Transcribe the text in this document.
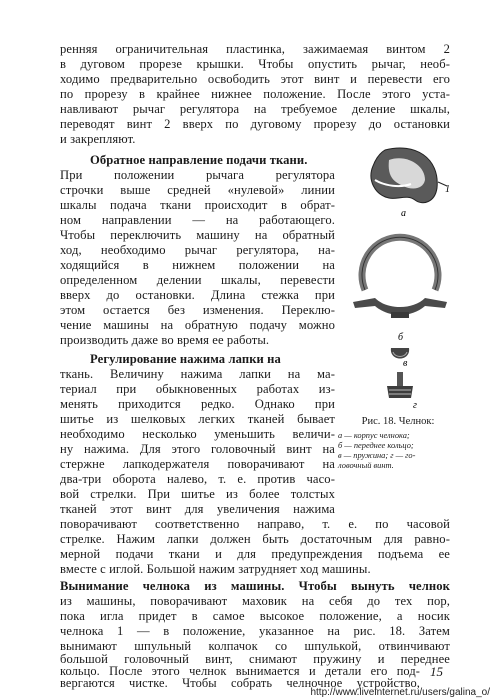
ренняя ограничительная пластинка, зажимаемая винтом 2
в дуговом прорезе крышки. Чтобы опустить рычаг, необ-
ходимо предварительно освободить этот винт и перевести его
по прорезу в крайнее нижнее положение. После этого уста-
навливают рычаг регулятора на требуемое деление шкалы,
переводят винт 2 вверх по дуговому прорезу до остановки
и закрепляют.
Обратное направление подачи ткани.
При положении рычага регулятора
строчки выше средней «нулевой» линии
шкалы подача ткани происходит в обрат-
ном направлении — на работающего.
Чтобы переключить машину на обратный
ход, необходимо рычаг регулятора, на-
ходящийся в нижнем положении на
определенном делении шкалы, перевести
вверх до остановки. Длина стежка при
этом остается без изменения. Переклю-
чение машины на обратную подачу можно
производить даже во время ее работы.
Регулирование нажима лапки на
ткань. Величину нажима лапки на ма-
териал при обыкновенных работах из-
менять приходится редко. Однако при
шитье из шелковых легких тканей бывает
необходимо несколько уменьшить величи-
ну нажима. Для этого головочный винт на
стержне лапкодержателя поворачивают на
два-три оборота налево, т. е. против часо-
вой стрелки. При шитье из более толстых
тканей этот винт для увеличения нажима
поворачивают соответственно направо, т. е. по часовой
стрелке. Нажим лапки должен быть достаточным для равно-
мерной подачи ткани и для предупреждения подъема ее
вместе с иглой. Большой нажим затрудняет ход машины.
Вынимание челнока из машины. Чтобы вынуть челнок
из машины, поворачивают маховик на себя до тех пор,
пока игла придет в самое высокое положение, а носик
челнока 1 — в положение, указанное на рис. 18. Затем
вынимают шпульный колпачок со шпулькой, отвинчивают
большой головочный винт, снимают пружину и переднее
кольцо. После этого челнок вынимается и детали его под-
1
а
б
в
г
Рис. 18. Челнок:
а — корпус челнока;
б — переднее кольцо;
в — пружина; г — го-
ловочный винт.
15
http://www.liveinternet.ru/users/galina_o/
вергаются чистке. Чтобы собрать челночное устройство,
